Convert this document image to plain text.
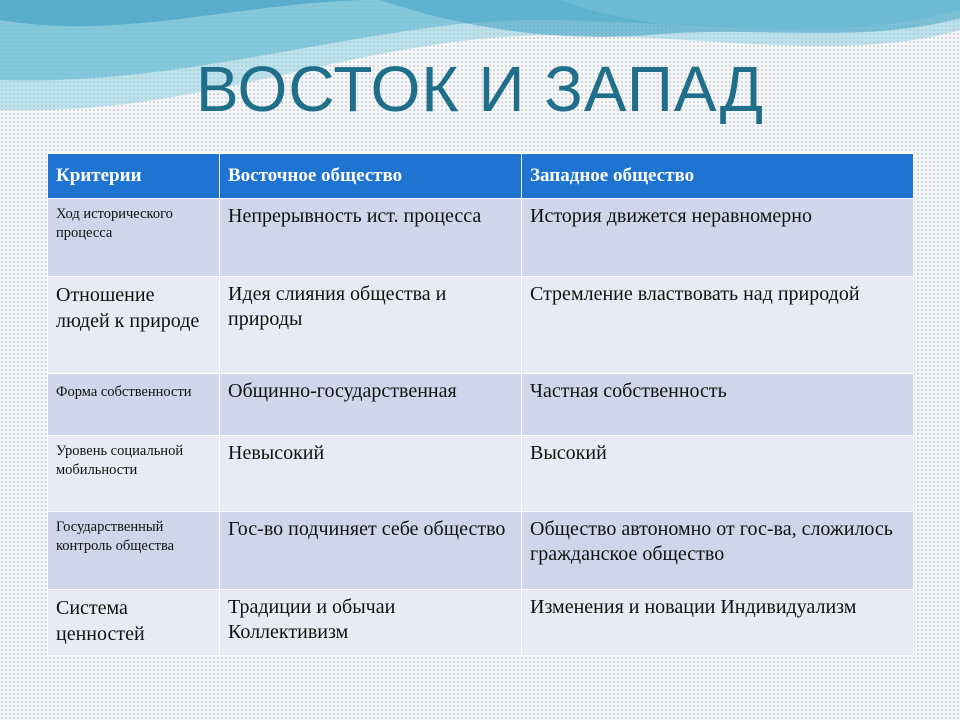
ВОСТОК И ЗАПАД
Критерии	Восточное общество	Западное общество
Ход исторического процесса	Непрерывность ист. процесса	История движется неравномерно
Отношение людей к природе	Идея слияния общества и природы	Стремление властвовать над природой
Форма собственности	Общинно-государственная	Частная собственность
Уровень социальной мобильности	Невысокий	Высокий
Государственный контроль общества	Гос-во подчиняет себе общество	Общество автономно от гос-ва, сложилось гражданское общество
Система ценностей	Традиции и обычаи Коллективизм	Изменения и новации Индивидуализм
